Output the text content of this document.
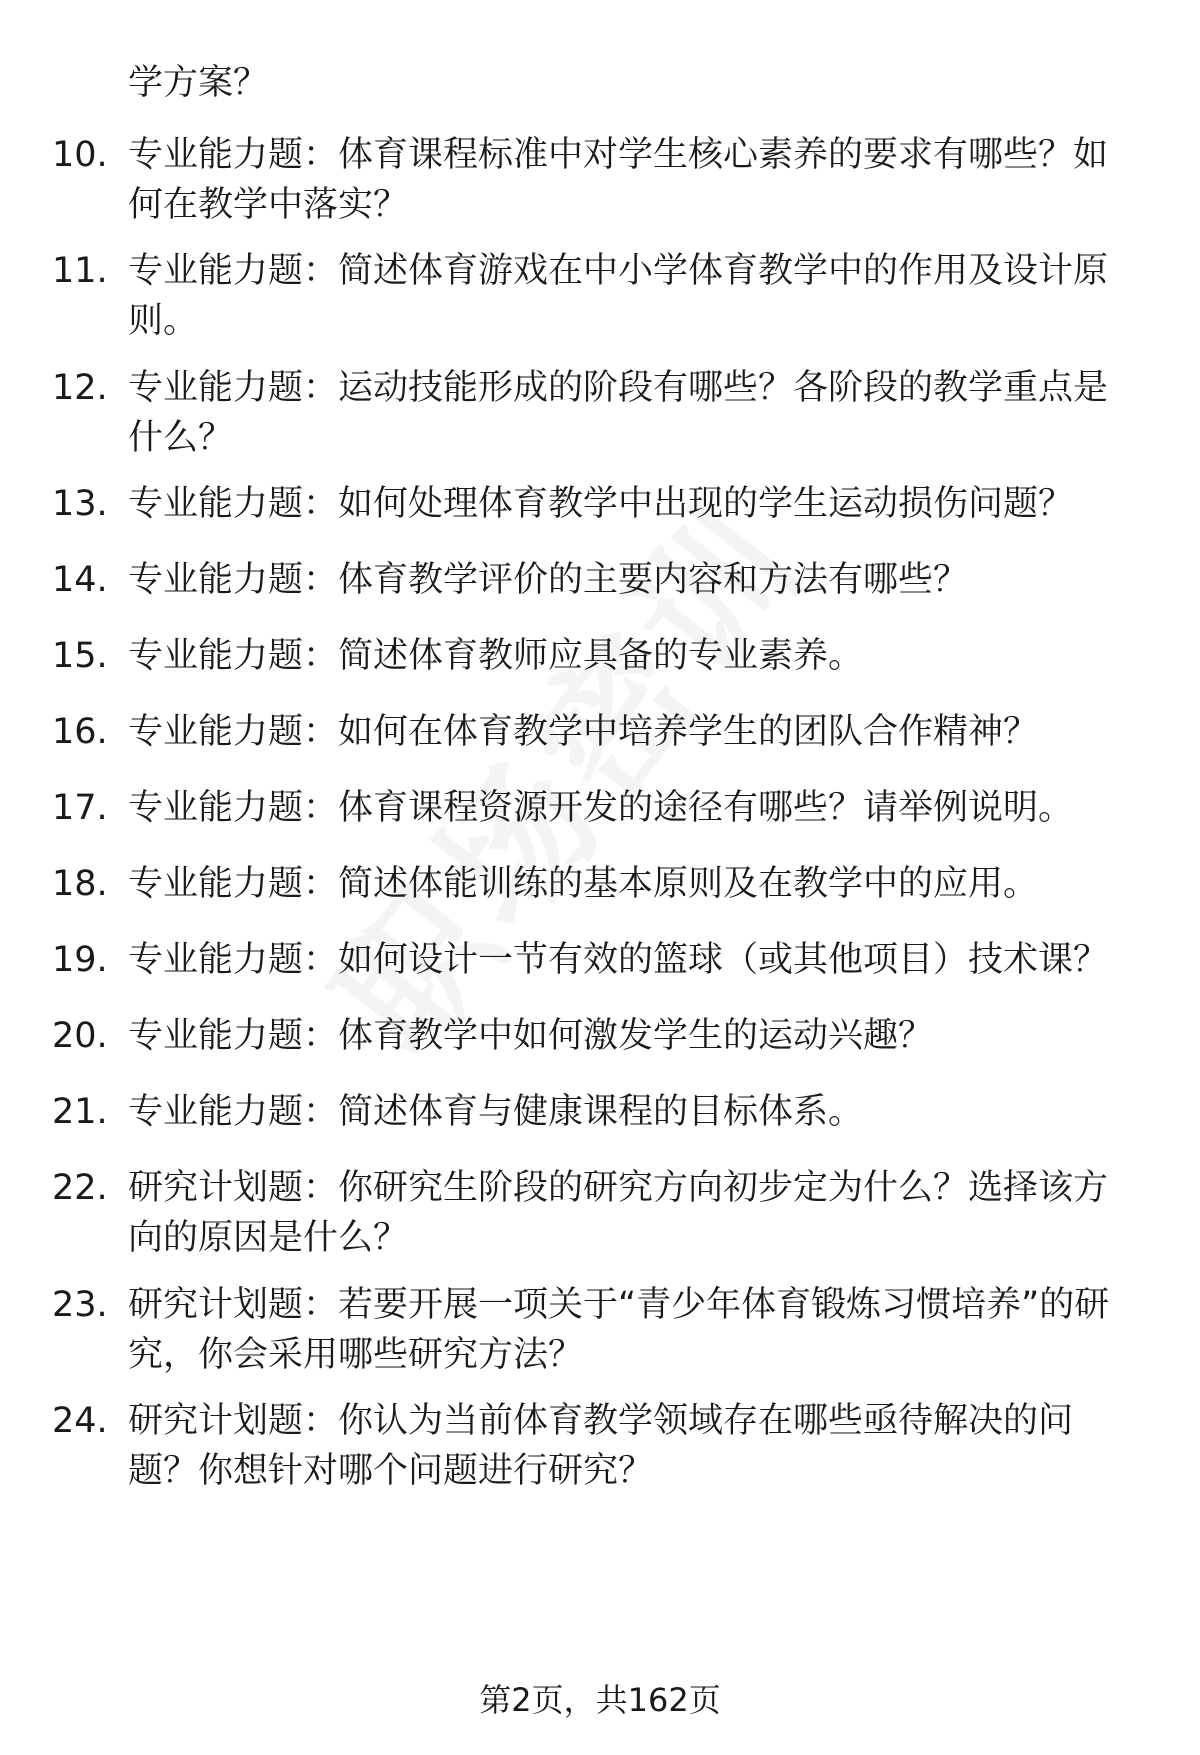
学方案？
10. 专业能力题：体育课程标准中对学生核心素养的要求有哪些？如何在教学中落实？
11. 专业能力题：简述体育游戏在中小学体育教学中的作用及设计原则。
12. 专业能力题：运动技能形成的阶段有哪些？各阶段的教学重点是什么？
13. 专业能力题：如何处理体育教学中出现的学生运动损伤问题？
14. 专业能力题：体育教学评价的主要内容和方法有哪些？
15. 专业能力题：简述体育教师应具备的专业素养。
16. 专业能力题：如何在体育教学中培养学生的团队合作精神？
17. 专业能力题：体育课程资源开发的途径有哪些？请举例说明。
18. 专业能力题：简述体能训练的基本原则及在教学中的应用。
19. 专业能力题：如何设计一节有效的篮球（或其他项目）技术课？
20. 专业能力题：体育教学中如何激发学生的运动兴趣？
21. 专业能力题：简述体育与健康课程的目标体系。
22. 研究计划题：你研究生阶段的研究方向初步定为什么？选择该方向的原因是什么？
23. 研究计划题：若要开展一项关于“青少年体育锻炼习惯培养”的研究，你会采用哪些研究方法？
24. 研究计划题：你认为当前体育教学领域存在哪些亟待解决的问题？你想针对哪个问题进行研究？
第2页，共162页
